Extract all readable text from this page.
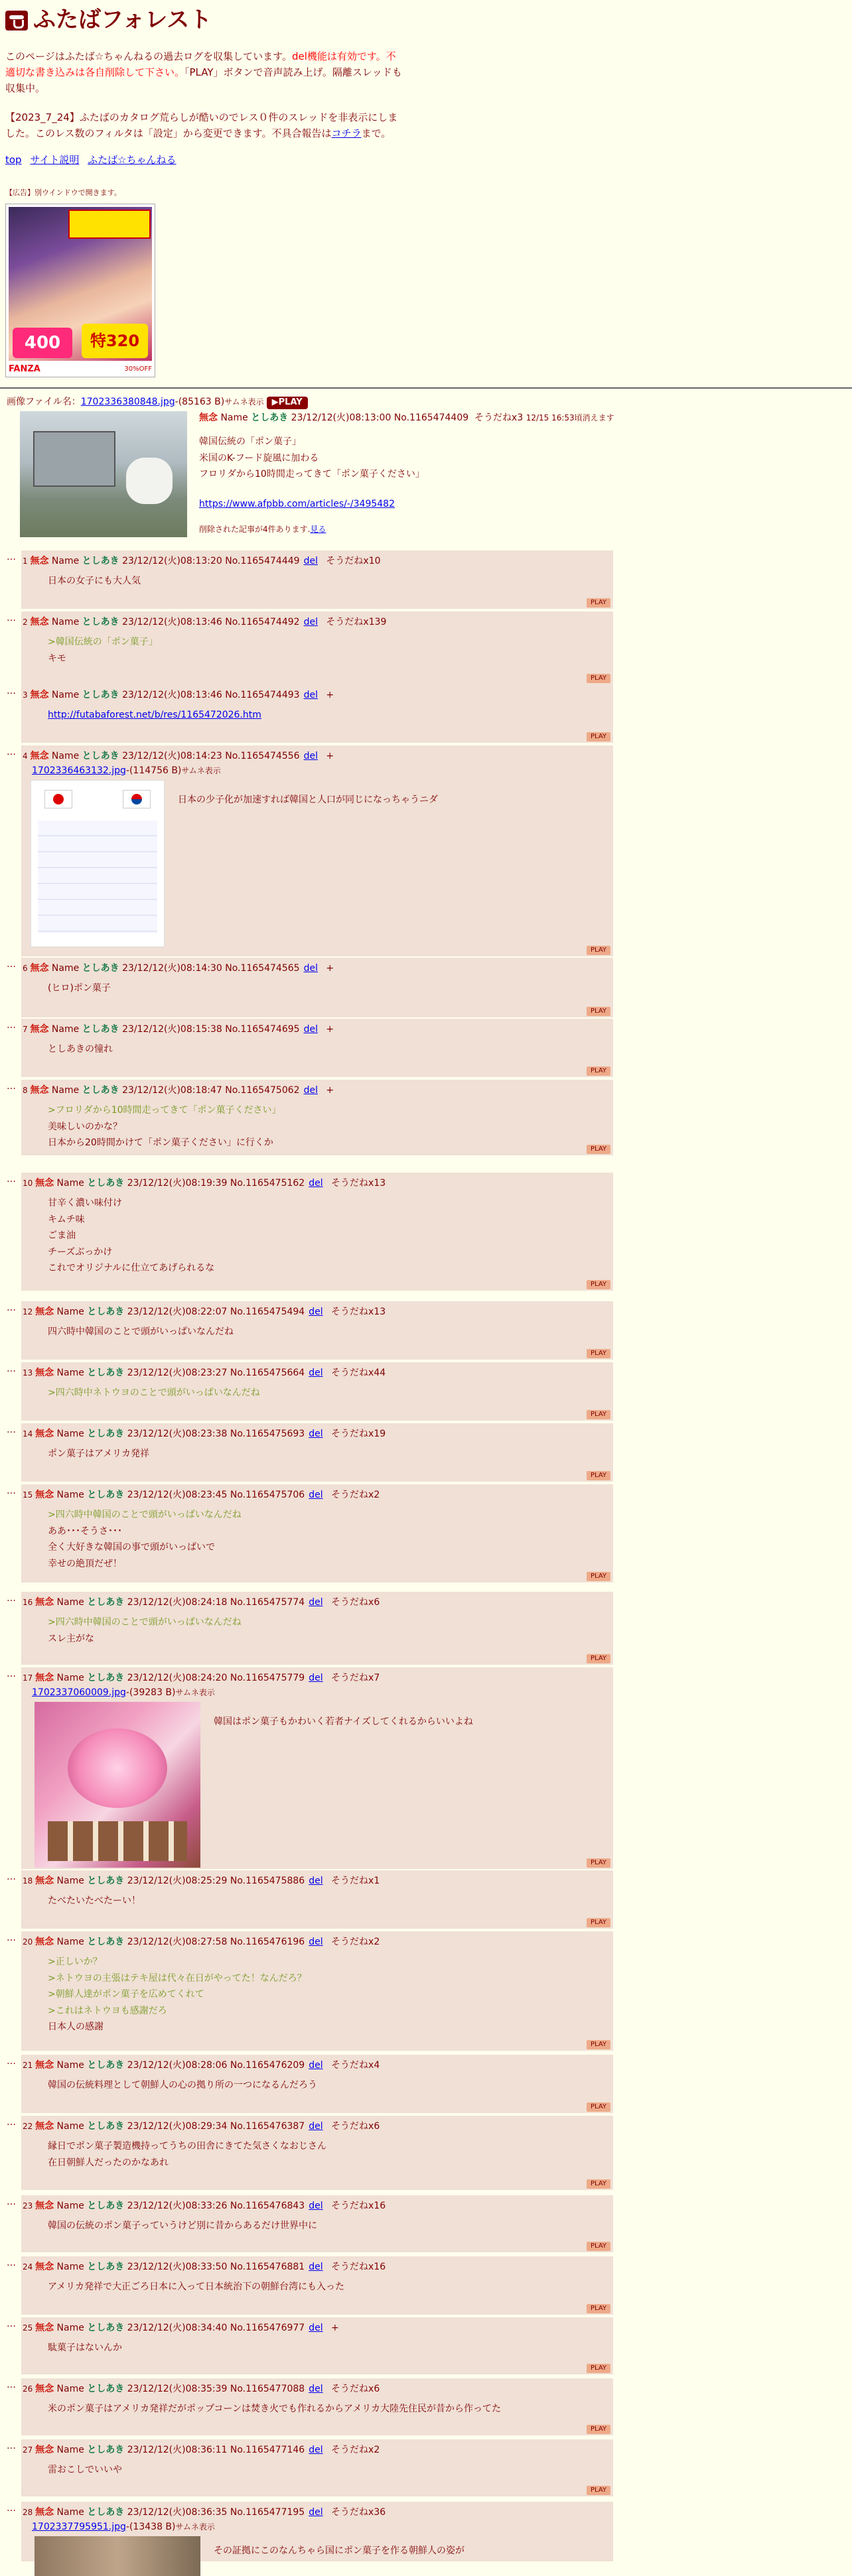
ふたばフォレスト
このページはふたば☆ちゃんねるの過去ログを収集しています。del機能は有効です。不適切な書き込みは各自削除して下さい。「PLAY」ボタンで音声読み上げ。隔離スレッドも収集中。
【2023_7_24】ふたばのカタログ荒らしが酷いのでレス０件のスレッドを非表示にしました。このレス数のフィルタは「設定」から変更できます。不具合報告はコチラまで。
top サイト説明 ふたば☆ちゃんねる
【広告】別ウインドウで開きます。
400	特320
FANZA	30%OFF
画像ファイル名：1702336380848.jpg-(85163 B)サムネ表示 ▶PLAY
無念 Name としあき 23/12/12(火)08:13:00 No.1165474409 そうだねx3 12/15 16:53頃消えます
韓国伝統の「ポン菓子」
米国のK-フード旋風に加わる
フロリダから10時間走ってきて「ポン菓子ください」
https://www.afpbb.com/articles/-/3495482
削除された記事が4件あります.見る
… 1 無念 Name としあき 23/12/12(火)08:13:20 No.1165474449 del そうだねx10
日本の女子にも大人気
PLAY
… 2 無念 Name としあき 23/12/12(火)08:13:46 No.1165474492 del そうだねx139
>韓国伝統の「ポン菓子」
キモ
PLAY
… 3 無念 Name としあき 23/12/12(火)08:13:46 No.1165474493 del +
http://futabaforest.net/b/res/1165472026.htm
PLAY
… 4 無念 Name としあき 23/12/12(火)08:14:23 No.1165474556 del +
1702336463132.jpg-(114756 B)サムネ表示
日本の少子化が加速すれば韓国と人口が同じになっちゃうニダ
PLAY
… 6 無念 Name としあき 23/12/12(火)08:14:30 No.1165474565 del +
(ヒロ)ポン菓子
PLAY
… 7 無念 Name としあき 23/12/12(火)08:15:38 No.1165474695 del +
としあきの憧れ
PLAY
… 8 無念 Name としあき 23/12/12(火)08:18:47 No.1165475062 del +
>フロリダから10時間走ってきて「ポン菓子ください」
美味しいのかな？
日本から20時間かけて「ポン菓子ください」に行くか
PLAY
… 10 無念 Name としあき 23/12/12(火)08:19:39 No.1165475162 del そうだねx13
甘辛く濃い味付け
キムチ味
ごま油
チーズぶっかけ
これでオリジナルに仕立てあげられるな
PLAY
… 12 無念 Name としあき 23/12/12(火)08:22:07 No.1165475494 del そうだねx13
四六時中韓国のことで頭がいっぱいなんだね
PLAY
… 13 無念 Name としあき 23/12/12(火)08:23:27 No.1165475664 del そうだねx44
>四六時中ネトウヨのことで頭がいっぱいなんだね
PLAY
… 14 無念 Name としあき 23/12/12(火)08:23:38 No.1165475693 del そうだねx19
ポン菓子はアメリカ発祥
PLAY
… 15 無念 Name としあき 23/12/12(火)08:23:45 No.1165475706 del そうだねx2
>四六時中韓国のことで頭がいっぱいなんだね
ああ･･･そうさ･･･
全く大好きな韓国の事で頭がいっぱいで
幸せの絶頂だぜ！
PLAY
… 16 無念 Name としあき 23/12/12(火)08:24:18 No.1165475774 del そうだねx6
>四六時中韓国のことで頭がいっぱいなんだね
スレ主がな
PLAY
… 17 無念 Name としあき 23/12/12(火)08:24:20 No.1165475779 del そうだねx7
1702337060009.jpg-(39283 B)サムネ表示
韓国はポン菓子もかわいく若者ナイズしてくれるからいいよね
PLAY
… 18 無念 Name としあき 23/12/12(火)08:25:29 No.1165475886 del そうだねx1
たべたいたべたーい！
PLAY
… 20 無念 Name としあき 23/12/12(火)08:27:58 No.1165476196 del そうだねx2
>正しいか？
>ネトウヨの主張はテキ屋は代々在日がやってた！なんだろ？
>朝鮮人達がポン菓子を広めてくれて
>これはネトウヨも感謝だろ
日本人の感謝
PLAY
… 21 無念 Name としあき 23/12/12(火)08:28:06 No.1165476209 del そうだねx4
韓国の伝統料理として朝鮮人の心の拠り所の一つになるんだろう
PLAY
… 22 無念 Name としあき 23/12/12(火)08:29:34 No.1165476387 del そうだねx6
縁日でポン菓子製造機持ってうちの田舎にきてた気さくなおじさん
在日朝鮮人だったのかなあれ
PLAY
… 23 無念 Name としあき 23/12/12(火)08:33:26 No.1165476843 del そうだねx16
韓国の伝統のポン菓子っていうけど別に昔からあるだけ世界中に
PLAY
… 24 無念 Name としあき 23/12/12(火)08:33:50 No.1165476881 del そうだねx16
アメリカ発祥で大正ごろ日本に入って日本統治下の朝鮮台湾にも入った
PLAY
… 25 無念 Name としあき 23/12/12(火)08:34:40 No.1165476977 del +
駄菓子はないんか
PLAY
… 26 無念 Name としあき 23/12/12(火)08:35:39 No.1165477088 del そうだねx6
米のポン菓子はアメリカ発祥だがポップコーンは焚き火でも作れるからアメリカ大陸先住民が昔から作ってた
PLAY
… 27 無念 Name としあき 23/12/12(火)08:36:11 No.1165477146 del そうだねx2
雷おこしでいいや
PLAY
… 28 無念 Name としあき 23/12/12(火)08:36:35 No.1165477195 del そうだねx36
1702337795951.jpg-(13438 B)サムネ表示
その証拠にこのなんちゃら国にポン菓子を作る朝鮮人の姿が
